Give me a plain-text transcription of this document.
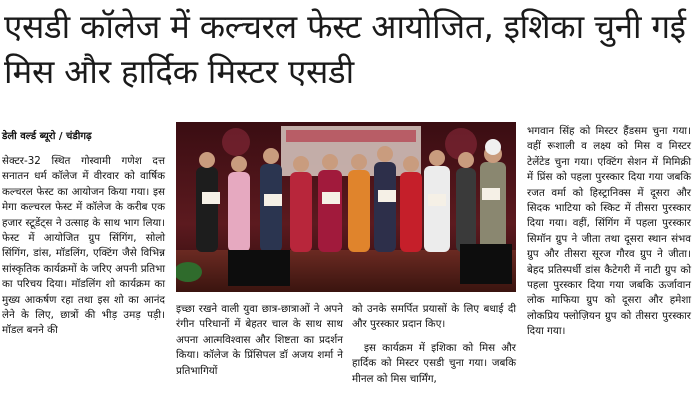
एसडी कॉलेज में कल्चरल फेस्ट आयोजित, इशिका चुनी गई मिस और हार्दिक मिस्टर एसडी
डेली वर्ल्ड ब्यूरो / चंडीगढ़

सेक्टर-32 स्थित गोस्वामी गणेश दत्त सनातन धर्म कॉलेज में वीरवार को वार्षिक कल्चरल फेस्ट का आयोजन किया गया। इस मेगा कल्चरल फेस्ट में कॉलेज के करीब एक हजार स्टूडेंट्स ने उत्साह के साथ भाग लिया। फेस्ट में आयोजित ग्रुप सिंगिंग, सोलो सिंगिंग, डांस, मॉडलिंग, एक्टिंग जैसे विभिन्न सांस्कृतिक कार्यक्रमों के जरिए अपनी प्रतिभा का परिचय दिया। मॉडलिंग शो कार्यक्रम का मुख्य आकर्षण रहा तथा इस शो का आनंद लेने के लिए, छात्रों की भीड़ उमड़ पड़ी। मॉडल बनने की

इच्छा रखने वाली युवा छात्र-छात्राओं ने अपने रंगीन परिधानों में बेहतर चाल के साथ साथ अपना आत्मविश्वास और शिष्टता का प्रदर्शन किया। कॉलेज के प्रिंसिपल डॉ अजय शर्मा ने प्रतिभागियों

को उनके समर्पित प्रयासों के लिए बधाई दी और पुरस्कार प्रदान किए।

इस कार्यक्रम में इशिका को मिस और हार्दिक को मिस्टर एसडी चुना गया। जबकि मीनल को मिस चार्मिंग,

भगवान सिंह को मिस्टर हैंडसम चुना गया। वहीं रूशाली व लक्ष्य को मिस व मिस्टर टेलेंटेड चुना गया। एक्टिंग सेशन में मिमिक्री में प्रिंस को पहला पुरस्कार दिया गया जबकि रजत वर्मा को हिस्ट्रानिक्स में दूसरा और सिदक भाटिया को स्किट में तीसरा पुरस्कार दिया गया। वहीं, सिंगिंग में पहला पुरस्कार सिमॉन ग्रुप ने जीता तथा दूसरा स्थान संभव ग्रुप और तीसरा सूरज गौरव ग्रुप ने जीता। बेहद प्रतिस्पर्धी डांस कैटेगरी में नाटी ग्रुप को पहला पुरस्कार दिया गया जबकि ऊर्जावान लोक माफिया ग्रुप को दूसरा और हमेशा लोकप्रिय फ्लोज़ियन ग्रुप को तीसरा पुरस्कार दिया गया।
